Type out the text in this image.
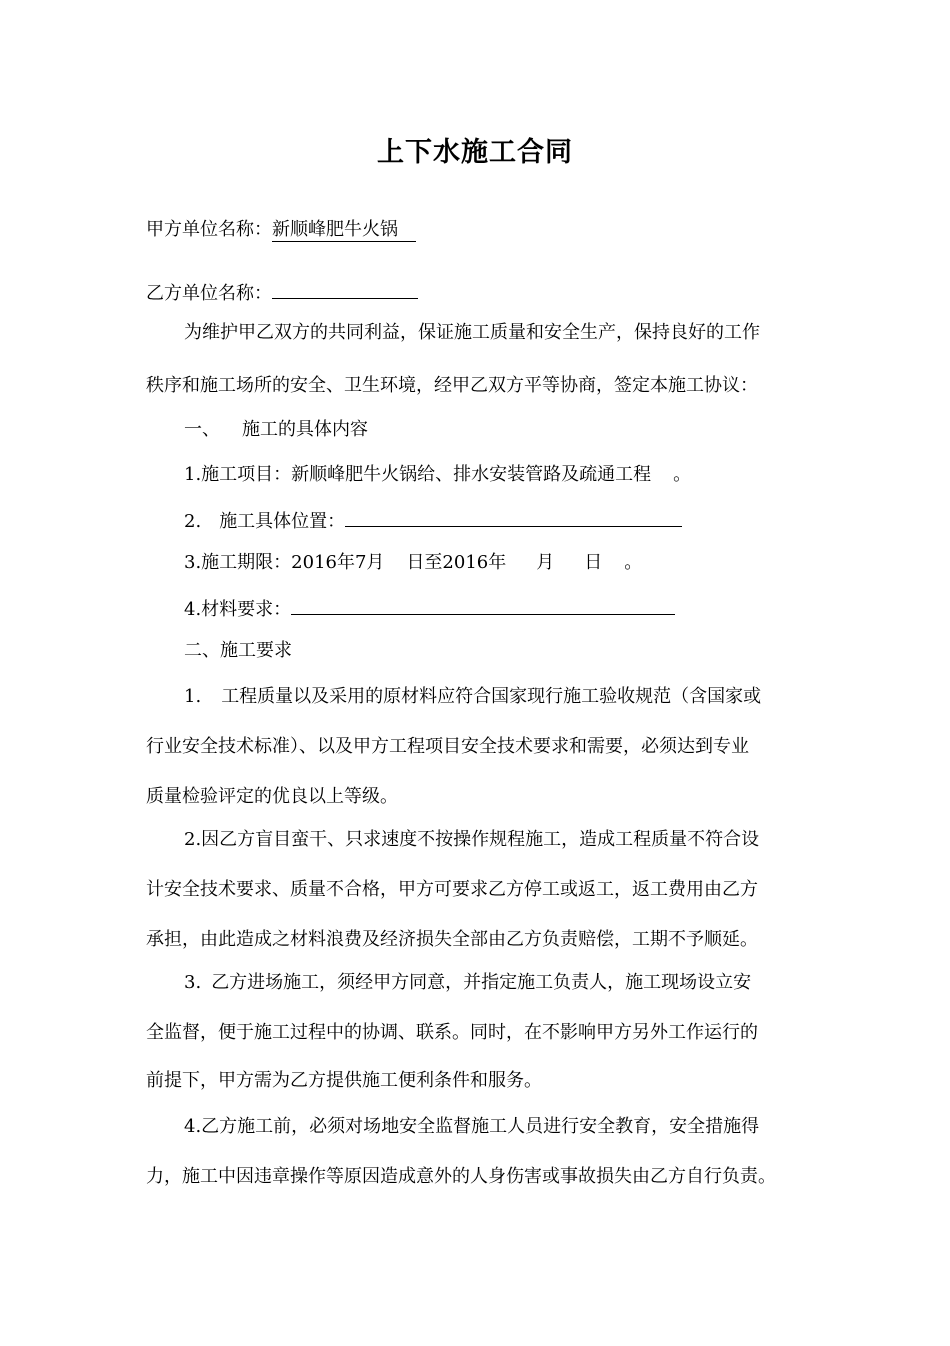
上下水施工合同
甲方单位名称：新顺峰肥牛火锅
乙方单位名称：
为维护甲乙双方的共同利益，保证施工质量和安全生产，保持良好的工作
秩序和施工场所的安全、卫生环境，经甲乙双方平等协商，签定本施工协议：
一、 施工的具体内容
1.施工项目：新顺峰肥牛火锅给、排水安装管路及疏通工程 。
2. 施工具体位置：
3.施工期限：2016年7月 日至2016年 月 日 。
4.材料要求：
二、施工要求
1. 工程质量以及采用的原材料应符合国家现行施工验收规范（含国家或
行业安全技术标准）、以及甲方工程项目安全技术要求和需要，必须达到专业
质量检验评定的优良以上等级。
2.因乙方盲目蛮干、只求速度不按操作规程施工，造成工程质量不符合设
计安全技术要求、质量不合格，甲方可要求乙方停工或返工，返工费用由乙方
承担，由此造成之材料浪费及经济损失全部由乙方负责赔偿，工期不予顺延。
3. 乙方进场施工，须经甲方同意，并指定施工负责人，施工现场设立安
全监督，便于施工过程中的协调、联系。同时，在不影响甲方另外工作运行的
前提下，甲方需为乙方提供施工便利条件和服务。
4.乙方施工前，必须对场地安全监督施工人员进行安全教育，安全措施得
力，施工中因违章操作等原因造成意外的人身伤害或事故损失由乙方自行负责。
